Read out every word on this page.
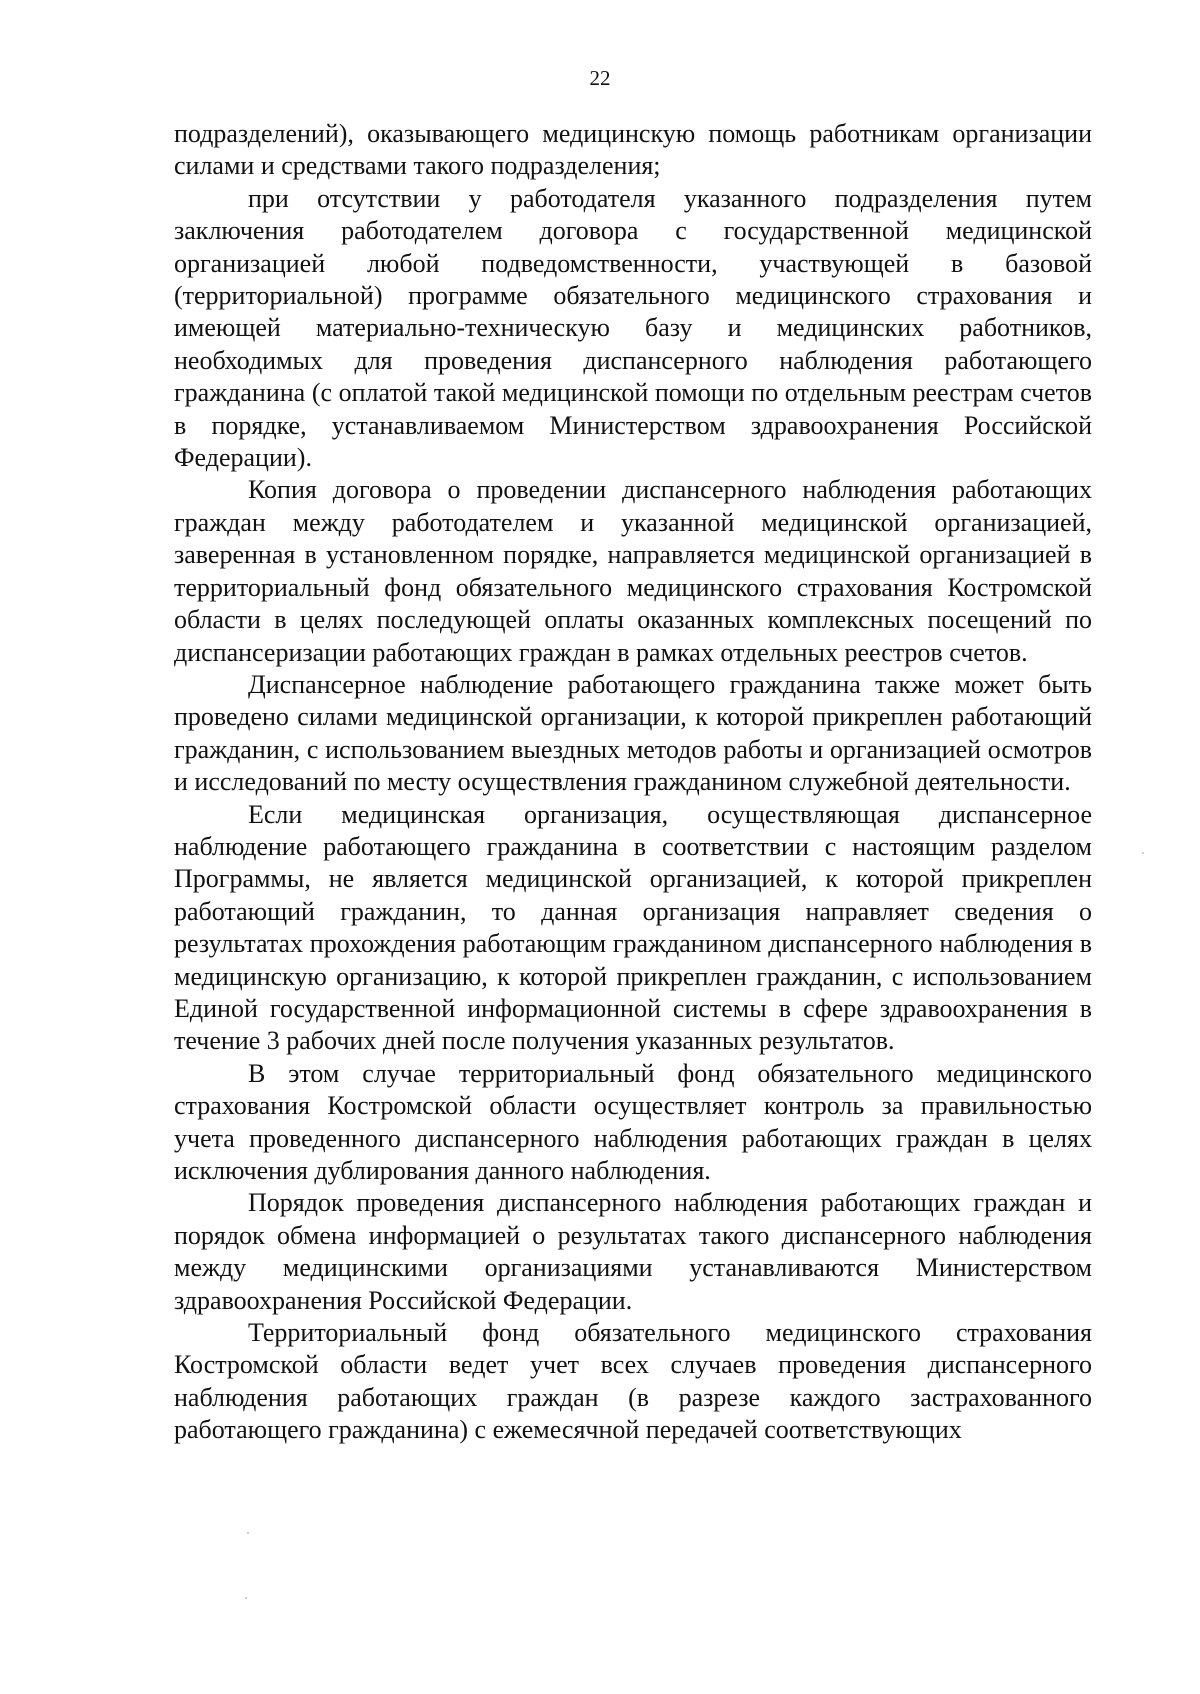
22

подразделений), оказывающего медицинскую помощь работникам организации силами и средствами такого подразделения;

при отсутствии у работодателя указанного подразделения путем заключения работодателем договора с государственной медицинской организацией любой подведомственности, участвующей в базовой (территориальной) программе обязательного медицинского страхования и имеющей материально-техническую базу и медицинских работников, необходимых для проведения диспансерного наблюдения работающего гражданина (с оплатой такой медицинской помощи по отдельным реестрам счетов в порядке, устанавливаемом Министерством здравоохранения Российской Федерации).

Копия договора о проведении диспансерного наблюдения работающих граждан между работодателем и указанной медицинской организацией, заверенная в установленном порядке, направляется медицинской организацией в территориальный фонд обязательного медицинского страхования Костромской области в целях последующей оплаты оказанных комплексных посещений по диспансеризации работающих граждан в рамках отдельных реестров счетов.

Диспансерное наблюдение работающего гражданина также может быть проведено силами медицинской организации, к которой прикреплен работающий гражданин, с использованием выездных методов работы и организацией осмотров и исследований по месту осуществления гражданином служебной деятельности.

Если медицинская организация, осуществляющая диспансерное наблюдение работающего гражданина в соответствии с настоящим разделом Программы, не является медицинской организацией, к которой прикреплен работающий гражданин, то данная организация направляет сведения о результатах прохождения работающим гражданином диспансерного наблюдения в медицинскую организацию, к которой прикреплен гражданин, с использованием Единой государственной информационной системы в сфере здравоохранения в течение 3 рабочих дней после получения указанных результатов.

В этом случае территориальный фонд обязательного медицинского страхования Костромской области осуществляет контроль за правильностью учета проведенного диспансерного наблюдения работающих граждан в целях исключения дублирования данного наблюдения.

Порядок проведения диспансерного наблюдения работающих граждан и порядок обмена информацией о результатах такого диспансерного наблюдения между медицинскими организациями устанавливаются Министерством здравоохранения Российской Федерации.

Территориальный фонд обязательного медицинского страхования Костромской области ведет учет всех случаев проведения диспансерного наблюдения работающих граждан (в разрезе каждого застрахованного работающего гражданина) с ежемесячной передачей соответствующих
